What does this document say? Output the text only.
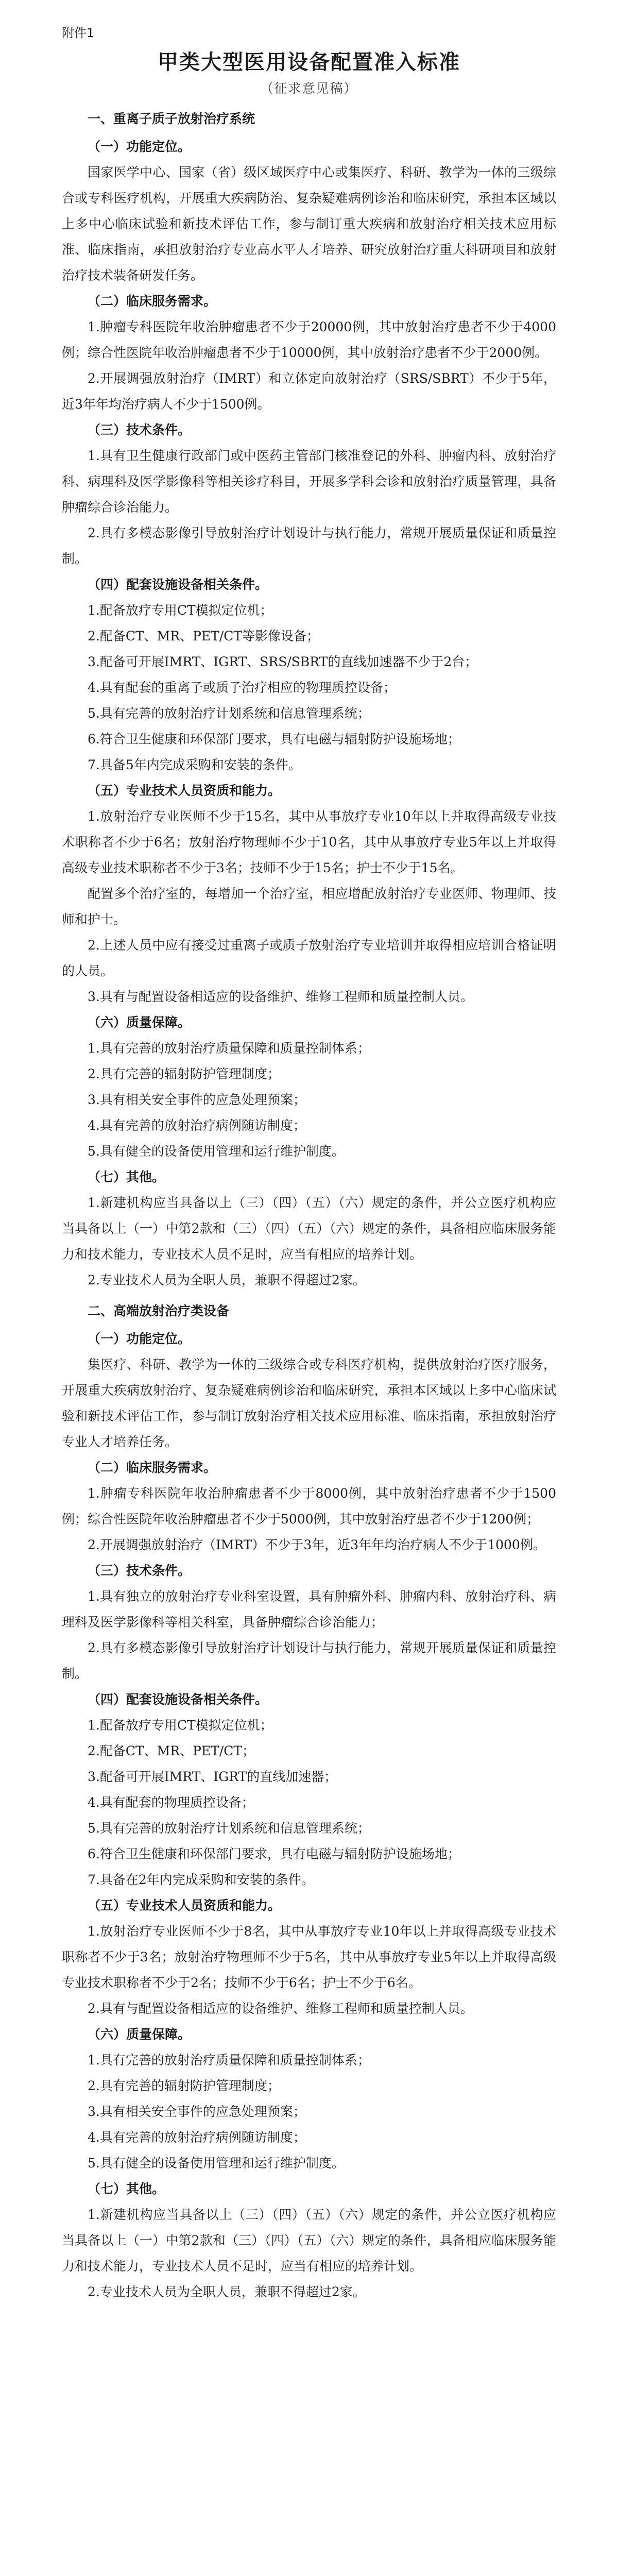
附件1
甲类大型医用设备配置准入标准
（征求意见稿）
一、重离子质子放射治疗系统
（一）功能定位。

国家医学中心、国家（省）级区域医疗中心或集医疗、科研、教学为一体的三级综合或专科医疗机构，开展重大疾病防治、复杂疑难病例诊治和临床研究，承担本区域以上多中心临床试验和新技术评估工作，参与制订重大疾病和放射治疗相关技术应用标准、临床指南，承担放射治疗专业高水平人才培养、研究放射治疗重大科研项目和放射治疗技术装备研发任务。

（二）临床服务需求。

1.肿瘤专科医院年收治肿瘤患者不少于20000例，其中放射治疗患者不少于4000例；综合性医院年收治肿瘤患者不少于10000例，其中放射治疗患者不少于2000例。

2.开展调强放射治疗（IMRT）和立体定向放射治疗（SRS/SBRT）不少于5年，近3年年均治疗病人不少于1500例。

（三）技术条件。

1.具有卫生健康行政部门或中医药主管部门核准登记的外科、肿瘤内科、放射治疗科、病理科及医学影像科等相关诊疗科目，开展多学科会诊和放射治疗质量管理，具备肿瘤综合诊治能力。

2.具有多模态影像引导放射治疗计划设计与执行能力，常规开展质量保证和质量控制。

（四）配套设施设备相关条件。

1.配备放疗专用CT模拟定位机；

2.配备CT、MR、PET/CT等影像设备；

3.配备可开展IMRT、IGRT、SRS/SBRT的直线加速器不少于2台；

4.具有配套的重离子或质子治疗相应的物理质控设备；

5.具有完善的放射治疗计划系统和信息管理系统；

6.符合卫生健康和环保部门要求，具有电磁与辐射防护设施场地；

7.具备5年内完成采购和安装的条件。

（五）专业技术人员资质和能力。

1.放射治疗专业医师不少于15名，其中从事放疗专业10年以上并取得高级专业技术职称者不少于6名；放射治疗物理师不少于10名，其中从事放疗专业5年以上并取得高级专业技术职称者不少于3名；技师不少于15名；护士不少于15名。

配置多个治疗室的，每增加一个治疗室，相应增配放射治疗专业医师、物理师、技师和护士。

2.上述人员中应有接受过重离子或质子放射治疗专业培训并取得相应培训合格证明的人员。

3.具有与配置设备相适应的设备维护、维修工程师和质量控制人员。

（六）质量保障。

1.具有完善的放射治疗质量保障和质量控制体系；

2.具有完善的辐射防护管理制度；

3.具有相关安全事件的应急处理预案；

4.具有完善的放射治疗病例随访制度；

5.具有健全的设备使用管理和运行维护制度。

（七）其他。

1.新建机构应当具备以上（三）（四）（五）（六）规定的条件，并公立医疗机构应当具备以上（一）中第2款和（三）（四）（五）（六）规定的条件，具备相应临床服务能力和技术能力，专业技术人员不足时，应当有相应的培养计划。

2.专业技术人员为全职人员，兼职不得超过2家。

二、高端放射治疗类设备
（一）功能定位。

集医疗、科研、教学为一体的三级综合或专科医疗机构，提供放射治疗医疗服务，开展重大疾病放射治疗、复杂疑难病例诊治和临床研究，承担本区域以上多中心临床试验和新技术评估工作，参与制订放射治疗相关技术应用标准、临床指南，承担放射治疗专业人才培养任务。

（二）临床服务需求。

1.肿瘤专科医院年收治肿瘤患者不少于8000例，其中放射治疗患者不少于1500例；综合性医院年收治肿瘤患者不少于5000例，其中放射治疗患者不少于1200例；

2.开展调强放射治疗（IMRT）不少于3年，近3年年均治疗病人不少于1000例。

（三）技术条件。

1.具有独立的放射治疗专业科室设置，具有肿瘤外科、肿瘤内科、放射治疗科、病理科及医学影像科等相关科室，具备肿瘤综合诊治能力；

2.具有多模态影像引导放射治疗计划设计与执行能力，常规开展质量保证和质量控制。

（四）配套设施设备相关条件。

1.配备放疗专用CT模拟定位机；

2.配备CT、MR、PET/CT；

3.配备可开展IMRT、IGRT的直线加速器；

4.具有配套的物理质控设备；

5.具有完善的放射治疗计划系统和信息管理系统；

6.符合卫生健康和环保部门要求，具有电磁与辐射防护设施场地；

7.具备在2年内完成采购和安装的条件。

（五）专业技术人员资质和能力。

1.放射治疗专业医师不少于8名，其中从事放疗专业10年以上并取得高级专业技术职称者不少于3名；放射治疗物理师不少于5名，其中从事放疗专业5年以上并取得高级专业技术职称者不少于2名；技师不少于6名；护士不少于6名。

2.具有与配置设备相适应的设备维护、维修工程师和质量控制人员。

（六）质量保障。

1.具有完善的放射治疗质量保障和质量控制体系；

2.具有完善的辐射防护管理制度；

3.具有相关安全事件的应急处理预案；

4.具有完善的放射治疗病例随访制度；

5.具有健全的设备使用管理和运行维护制度。

（七）其他。

1.新建机构应当具备以上（三）（四）（五）（六）规定的条件，并公立医疗机构应当具备以上（一）中第2款和（三）（四）（五）（六）规定的条件，具备相应临床服务能力和技术能力，专业技术人员不足时，应当有相应的培养计划。

2.专业技术人员为全职人员，兼职不得超过2家。
